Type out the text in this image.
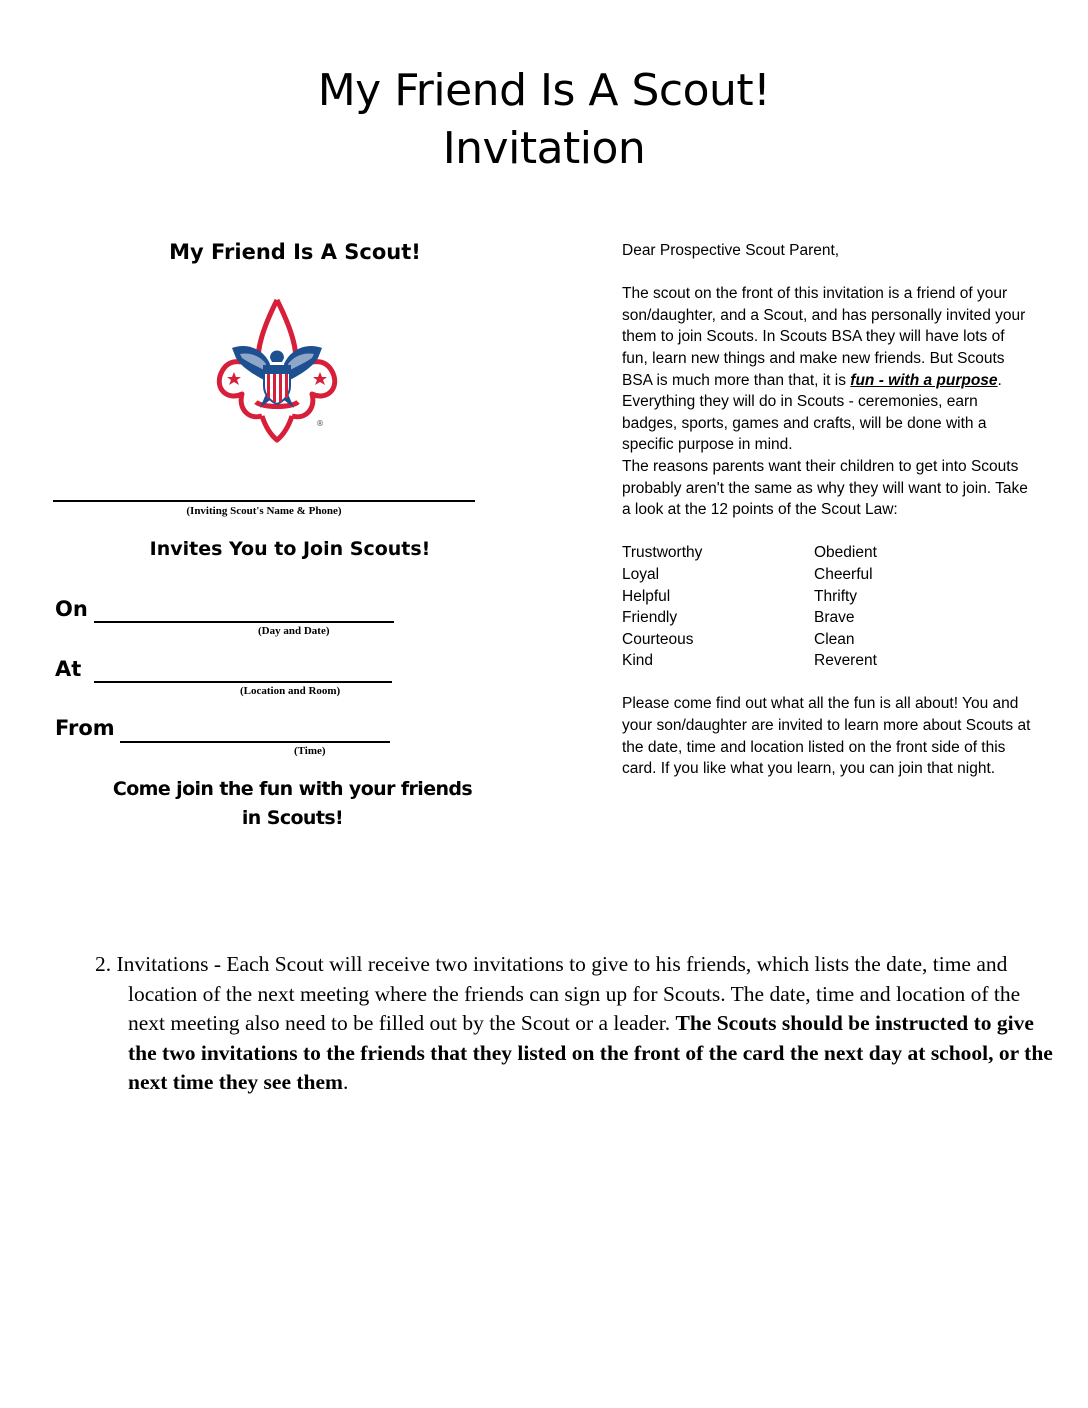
My Friend Is A Scout!
Invitation
My Friend Is A Scout!
®
(Inviting Scout's Name & Phone)
Invites You to Join Scouts!
On
(Day and Date)
At
(Location and Room)
From
(Time)
Come join the fun with your friends
in Scouts!

Dear Prospective Scout Parent,

The scout on the front of this invitation is a friend of your son/daughter, and a Scout, and has personally invited your them to join Scouts. In Scouts BSA they will have lots of fun, learn new things and make new friends. But Scouts BSA is much more than that, it is fun - with a purpose. Everything they will do in Scouts - ceremonies, earn badges, sports, games and crafts, will be done with a specific purpose in mind.

The reasons parents want their children to get into Scouts probably aren't the same as why they will want to join. Take a look at the 12 points of the Scout Law:

Trustworthy	Obedient
Loyal	Cheerful
Helpful	Thrifty
Friendly	Brave
Courteous	Clean
Kind	Reverent

Please come find out what all the fun is all about! You and your son/daughter are invited to learn more about Scouts at the date, time and location listed on the front side of this card. If you like what you learn, you can join that night.

2. Invitations - Each Scout will receive two invitations to give to his friends, which lists the date, time and location of the next meeting where the friends can sign up for Scouts. The date, time and location of the next meeting also need to be filled out by the Scout or a leader. The Scouts should be instructed to give the two invitations to the friends that they listed on the front of the card the next day at school, or the next time they see them.
